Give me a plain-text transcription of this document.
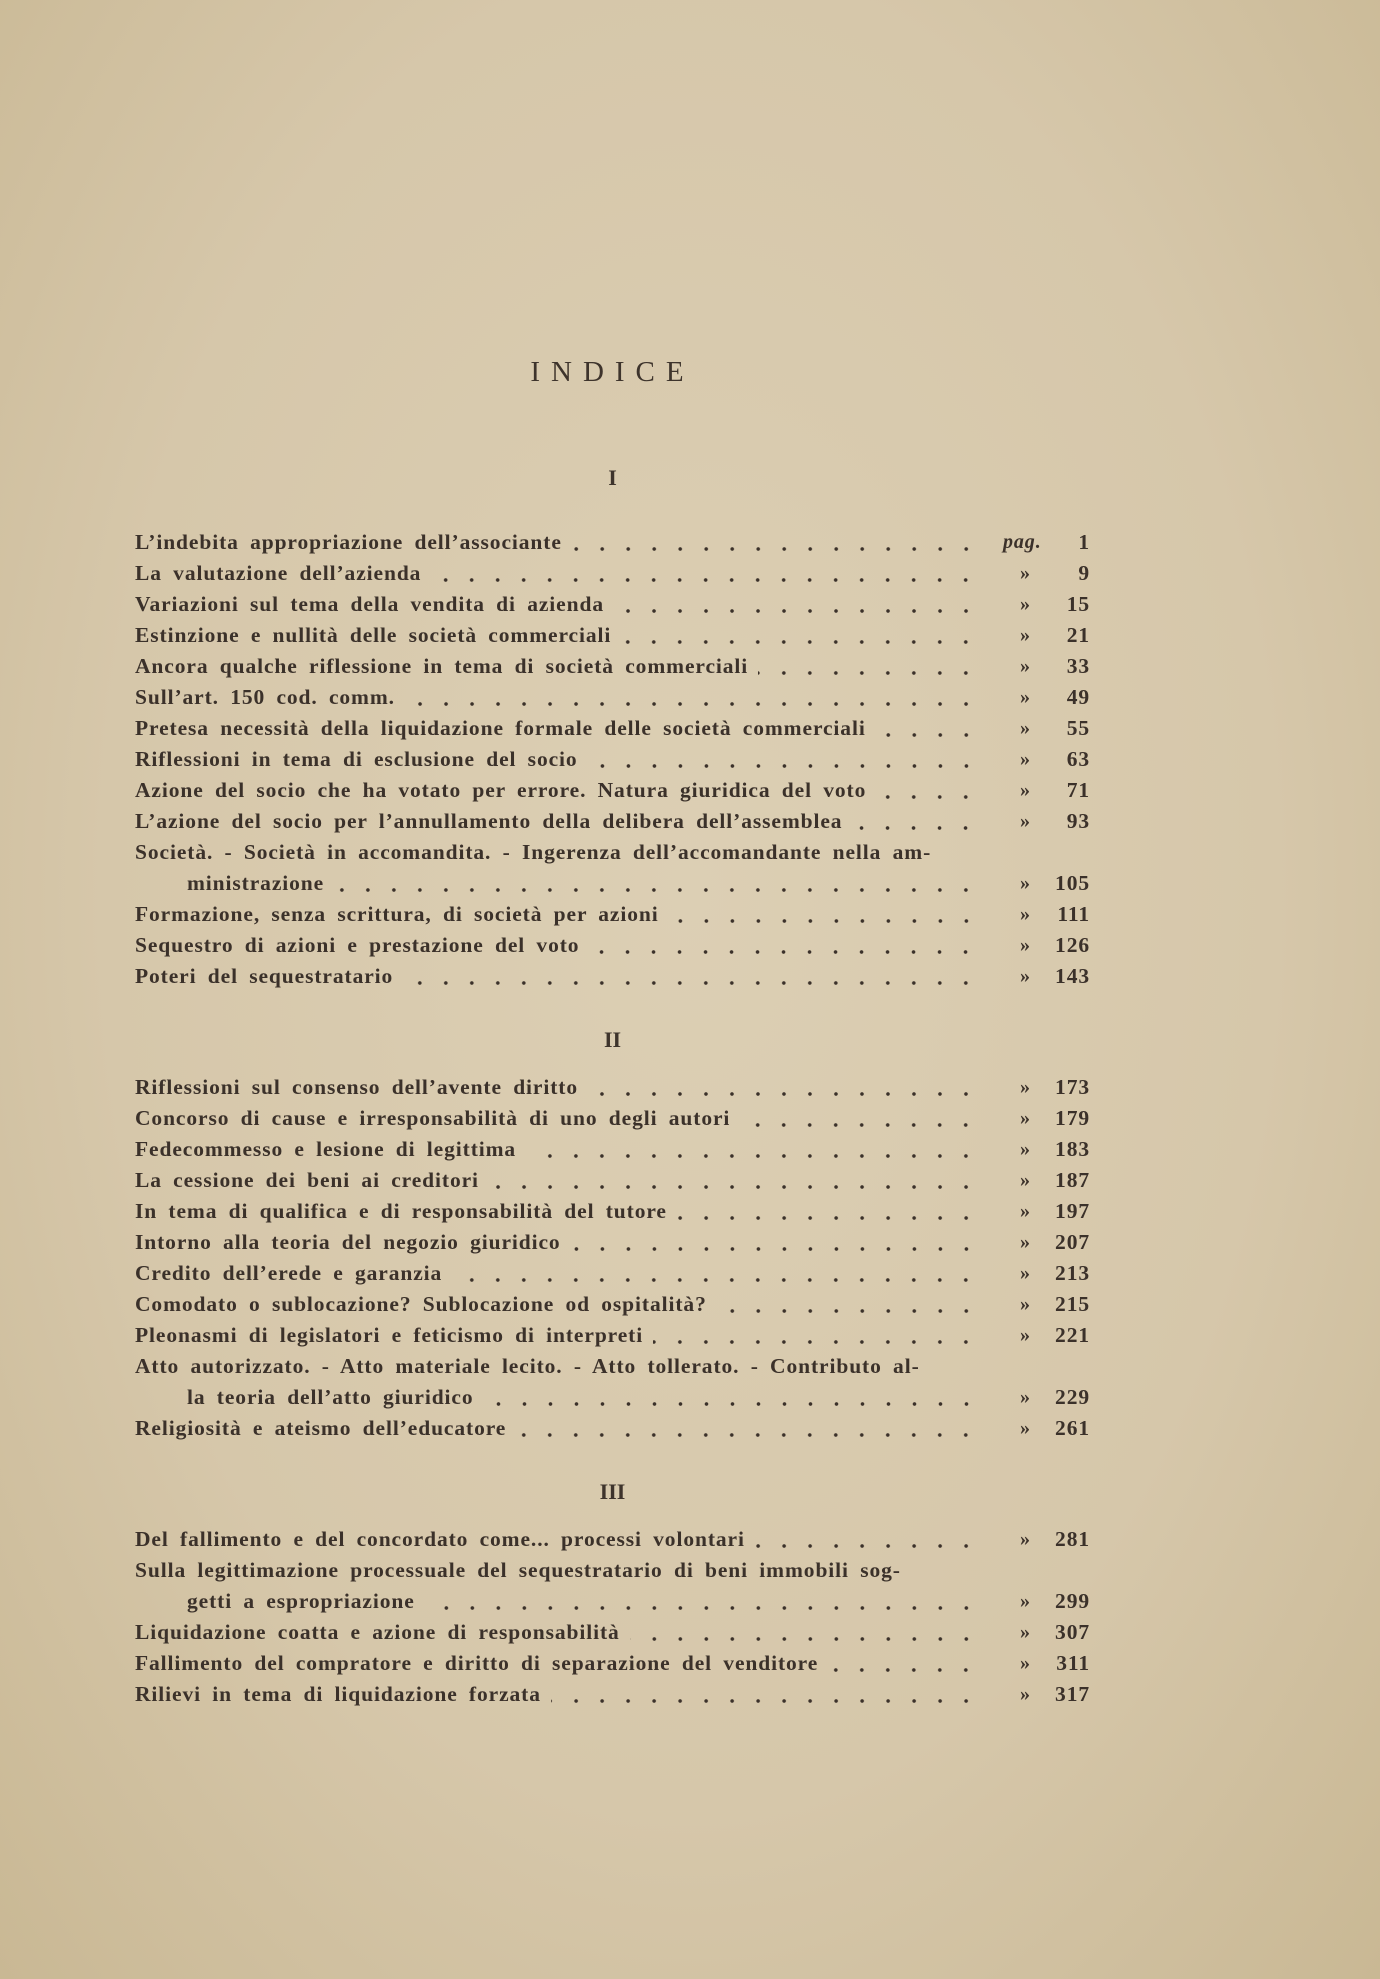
INDICE
I
L’indebita appropriazione dell’associante	pag.	1
La valutazione dell’azienda	»	9
Variazioni sul tema della vendita di azienda	»	15
Estinzione e nullità delle società commerciali	»	21
Ancora qualche riflessione in tema di società commerciali	»	33
Sull’art. 150 cod. comm.	»	49
Pretesa necessità della liquidazione formale delle società commerciali	»	55
Riflessioni in tema di esclusione del socio	»	63
Azione del socio che ha votato per errore. Natura giuridica del voto	»	71
L’azione del socio per l’annullamento della delibera dell’assemblea	»	93
Società. - Società in accomandita. - Ingerenza dell’accomandante nella am-
ministrazione	»	105
Formazione, senza scrittura, di società per azioni	»	111
Sequestro di azioni e prestazione del voto	»	126
Poteri del sequestratario	»	143
II
Riflessioni sul consenso dell’avente diritto	»	173
Concorso di cause e irresponsabilità di uno degli autori	»	179
Fedecommesso e lesione di legittima	»	183
La cessione dei beni ai creditori	»	187
In tema di qualifica e di responsabilità del tutore	»	197
Intorno alla teoria del negozio giuridico	»	207
Credito dell’erede e garanzia	»	213
Comodato o sublocazione? Sublocazione od ospitalità?	»	215
Pleonasmi di legislatori e feticismo di interpreti	»	221
Atto autorizzato. - Atto materiale lecito. - Atto tollerato. - Contributo al-
la teoria dell’atto giuridico	»	229
Religiosità e ateismo dell’educatore	»	261
III
Del fallimento e del concordato come... processi volontari	»	281
Sulla legittimazione processuale del sequestratario di beni immobili sog-
getti a espropriazione	»	299
Liquidazione coatta e azione di responsabilità	»	307
Fallimento del compratore e diritto di separazione del venditore	»	311
Rilievi in tema di liquidazione forzata	»	317
